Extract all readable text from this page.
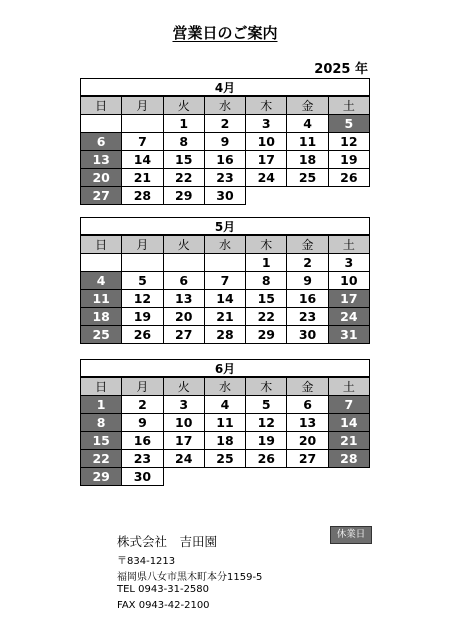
営業日のご案内
2025 年
4月
日	月	火	水	木	金	土
		1	2	3	4	5
6	7	8	9	10	11	12
13	14	15	16	17	18	19
20	21	22	23	24	25	26
27	28	29	30			
5月
日	月	火	水	木	金	土
				1	2	3
4	5	6	7	8	9	10
11	12	13	14	15	16	17
18	19	20	21	22	23	24
25	26	27	28	29	30	31
6月
日	月	火	水	木	金	土
1	2	3	4	5	6	7
8	9	10	11	12	13	14
15	16	17	18	19	20	21
22	23	24	25	26	27	28
29	30					
休業日
株式会社　吉田園
〒834-1213
福岡県八女市黒木町本分1159-5
TEL 0943-31-2580
FAX 0943-42-2100
